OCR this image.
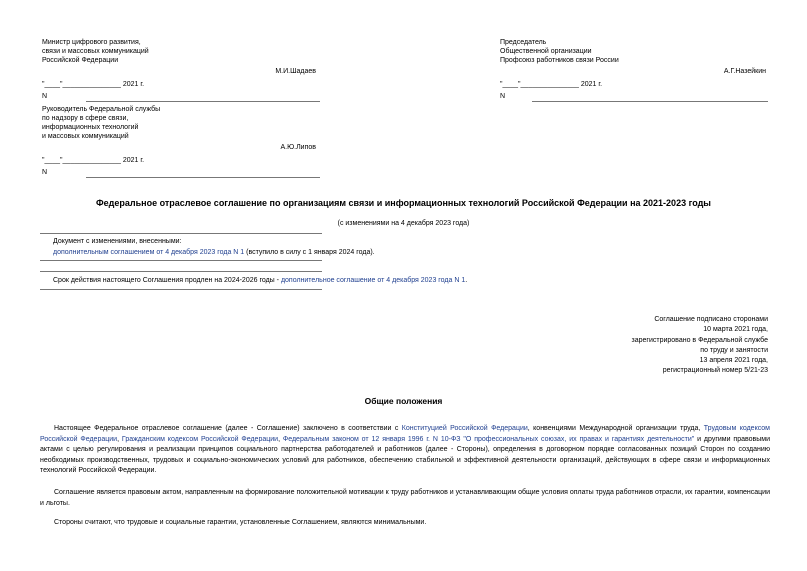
Министр цифрового развития,
связи и массовых коммуникаций
Российской Федерации
М.И.Шадаев
"____"_______________ 2021 г.
N
Руководитель Федеральной службы
по надзору в сфере связи,
информационных технологий
и массовых коммуникаций
А.Ю.Липов
"____"_______________ 2021 г.
N
Председатель
Общественной организации
Профсоюз работников связи России
А.Г.Назейкин
"____"_______________ 2021 г.
N
Федеральное отраслевое соглашение по организациям связи и информационных технологий Российской Федерации на 2021-2023 годы
(с изменениями на 4 декабря 2023 года)
Документ с изменениями, внесенными:
дополнительным соглашением от 4 декабря 2023 года N 1 (вступило в силу с 1 января 2024 года).
Срок действия настоящего Соглашения продлен на 2024-2026 годы - дополнительное соглашение от 4 декабря 2023 года N 1.
Соглашение подписано сторонами
10 марта 2021 года,
зарегистрировано в Федеральной службе
по труду и занятости
13 апреля 2021 года,
регистрационный номер 5/21-23
Общие положения
Настоящее Федеральное отраслевое соглашение (далее - Соглашение) заключено в соответствии с Конституцией Российской Федерации, конвенциями Международной организации труда, Трудовым кодексом Российской Федерации, Гражданским кодексом Российской Федерации, Федеральным законом от 12 января 1996 г. N 10-ФЗ "О профессиональных союзах, их правах и гарантиях деятельности" и другими правовыми актами с целью регулирования и реализации принципов социального партнерства работодателей и работников (далее - Стороны), определения в договорном порядке согласованных позиций Сторон по созданию необходимых производственных, трудовых и социально-экономических условий для работников, обеспечению стабильной и эффективной деятельности организаций, действующих в сфере связи и информационных технологий Российской Федерации.
Соглашение является правовым актом, направленным на формирование положительной мотивации к труду работников и устанавливающим общие условия оплаты труда работников отрасли, их гарантии, компенсации и льготы.
Стороны считают, что трудовые и социальные гарантии, установленные Соглашением, являются минимальными.
